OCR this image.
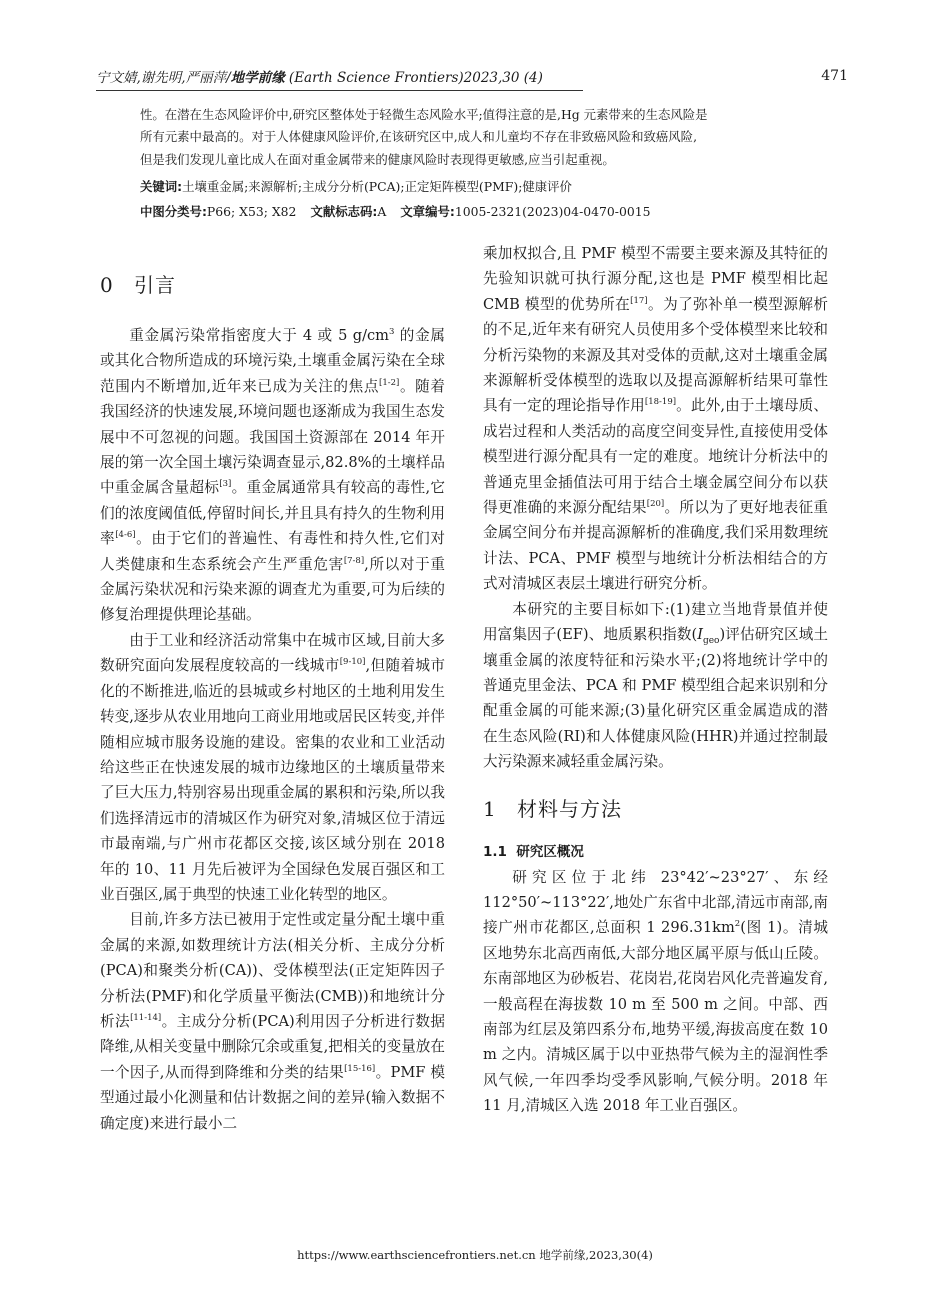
宁文婧,谢先明,严丽萍/地学前缘 (Earth Science Frontiers)2023,30 (4)	471

性。在潜在生态风险评价中,研究区整体处于轻微生态风险水平;值得注意的是,Hg 元素带来的生态风险是

所有元素中最高的。对于人体健康风险评价,在该研究区中,成人和儿童均不存在非致癌风险和致癌风险,

但是我们发现儿童比成人在面对重金属带来的健康风险时表现得更敏感,应当引起重视。

关键词:土壤重金属;来源解析;主成分分析(PCA);正定矩阵模型(PMF);健康评价
中图分类号:P66; X53; X82 文献标志码:A 文章编号:1005-2321(2023)04-0470-0015
0 引言

重金属污染常指密度大于 4 或 5 $g/cm^3$ 的金属或其化合物所造成的环境污染,土壤重金属污染在全球范围内不断增加,近年来已成为关注的焦点[1-2]。随着我国经济的快速发展,环境问题也逐渐成为我国生态发展中不可忽视的问题。我国国土资源部在 2014 年开展的第一次全国土壤污染调查显示,82.8%的土壤样品中重金属含量超标[3]。重金属通常具有较高的毒性,它们的浓度阈值低,停留时间长,并且具有持久的生物利用率[4-6]。由于它们的普遍性、有毒性和持久性,它们对人类健康和生态系统会产生严重危害[7-8],所以对于重金属污染状况和污染来源的调查尤为重要,可为后续的修复治理提供理论基础。

由于工业和经济活动常集中在城市区域,目前大多数研究面向发展程度较高的一线城市[9-10],但随着城市化的不断推进,临近的县城或乡村地区的土地利用发生转变,逐步从农业用地向工商业用地或居民区转变,并伴随相应城市服务设施的建设。密集的农业和工业活动给这些正在快速发展的城市边缘地区的土壤质量带来了巨大压力,特别容易出现重金属的累积和污染,所以我们选择清远市的清城区作为研究对象,清城区位于清远市最南端,与广州市花都区交接,该区域分别在 2018 年的 10、11 月先后被评为全国绿色发展百强区和工业百强区,属于典型的快速工业化转型的地区。

目前,许多方法已被用于定性或定量分配土壤中重金属的来源,如数理统计方法(相关分析、主成分分析(PCA)和聚类分析(CA))、受体模型法(正定矩阵因子分析法(PMF)和化学质量平衡法(CMB))和地统计分析法[11-14]。主成分分析(PCA)利用因子分析进行数据降维,从相关变量中删除冗余或重复,把相关的变量放在一个因子,从而得到降维和分类的结果[15-16]。PMF 模型通过最小化测量和估计数据之间的差异(输入数据不确定度)来进行最小二

乘加权拟合,且 PMF 模型不需要主要来源及其特征的先验知识就可执行源分配,这也是 PMF 模型相比起 CMB 模型的优势所在[17]。为了弥补单一模型源解析的不足,近年来有研究人员使用多个受体模型来比较和分析污染物的来源及其对受体的贡献,这对土壤重金属来源解析受体模型的选取以及提高源解析结果可靠性具有一定的理论指导作用[18-19]。此外,由于土壤母质、成岩过程和人类活动的高度空间变异性,直接使用受体模型进行源分配具有一定的难度。地统计分析法中的普通克里金插值法可用于结合土壤金属空间分布以获得更准确的来源分配结果[20]。所以为了更好地表征重金属空间分布并提高源解析的准确度,我们采用数理统计法、PCA、PMF 模型与地统计分析法相结合的方式对清城区表层土壤进行研究分析。

本研究的主要目标如下:(1)建立当地背景值并使用富集因子(EF)、地质累积指数$(I_{geo})$评估研究区域土壤重金属的浓度特征和污染水平;(2)将地统计学中的普通克里金法、PCA 和 PMF 模型组合起来识别和分配重金属的可能来源;(3)量化研究区重金属造成的潜在生态风险(RI)和人体健康风险(HHR)并通过控制最大污染源来减轻重金属污染。

1 材料与方法
1.1 研究区概况

研究区位于北纬 23°42′~23°27′、东经 112°50′~113°22′,地处广东省中北部,清远市南部,南接广州市花都区,总面积 1 $296.31km^2$(图 1)。清城区地势东北高西南低,大部分地区属平原与低山丘陵。东南部地区为砂板岩、花岗岩,花岗岩风化壳普遍发育,一般高程在海拔数 10 m 至 500 m 之间。中部、西南部为红层及第四系分布,地势平缓,海拔高度在数 10 m 之内。清城区属于以中亚热带气候为主的湿润性季风气候,一年四季均受季风影响,气候分明。2018 年 11 月,清城区入选 2018 年工业百强区。

https://www.earthsciencefrontiers.net.cn 地学前缘,2023,30(4)
